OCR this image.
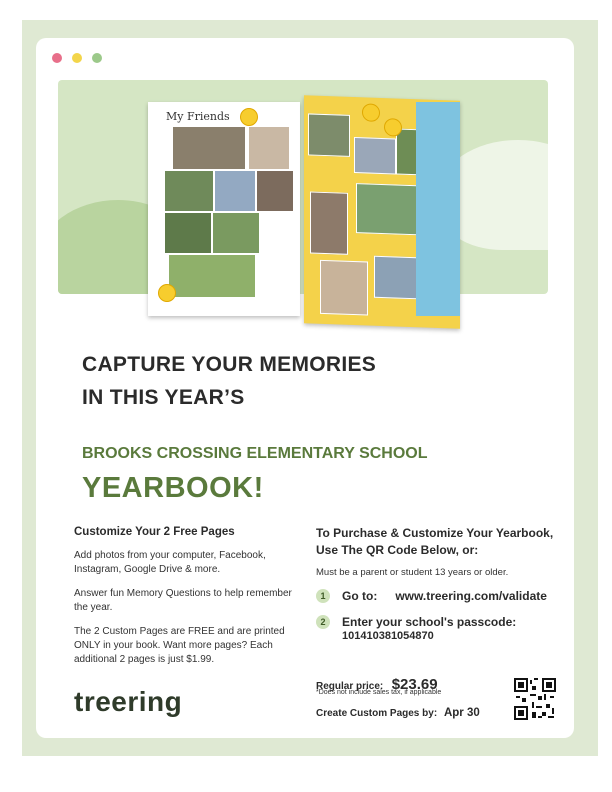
My Friends
CAPTURE YOUR MEMORIES
IN THIS YEAR’S
BROOKS CROSSING ELEMENTARY SCHOOL
YEARBOOK!
Customize Your 2 Free Pages

Add photos from your computer, Facebook, Instagram, Google Drive & more.

Answer fun Memory Questions to help remember the year.

The 2 Custom Pages are FREE and are printed ONLY in your book. Want more pages? Each additional 2 pages is just $1.99.

To Purchase & Customize Your Yearbook, Use The QR Code Below, or:
Must be a parent or student 13 years or older.
1	Go to: www.treering.com/validate
2	Enter your school's passcode:
101410381054870
Regular price: $23.69
*Does not include sales tax, if applicable
Create Custom Pages by: Apr 30
treering
